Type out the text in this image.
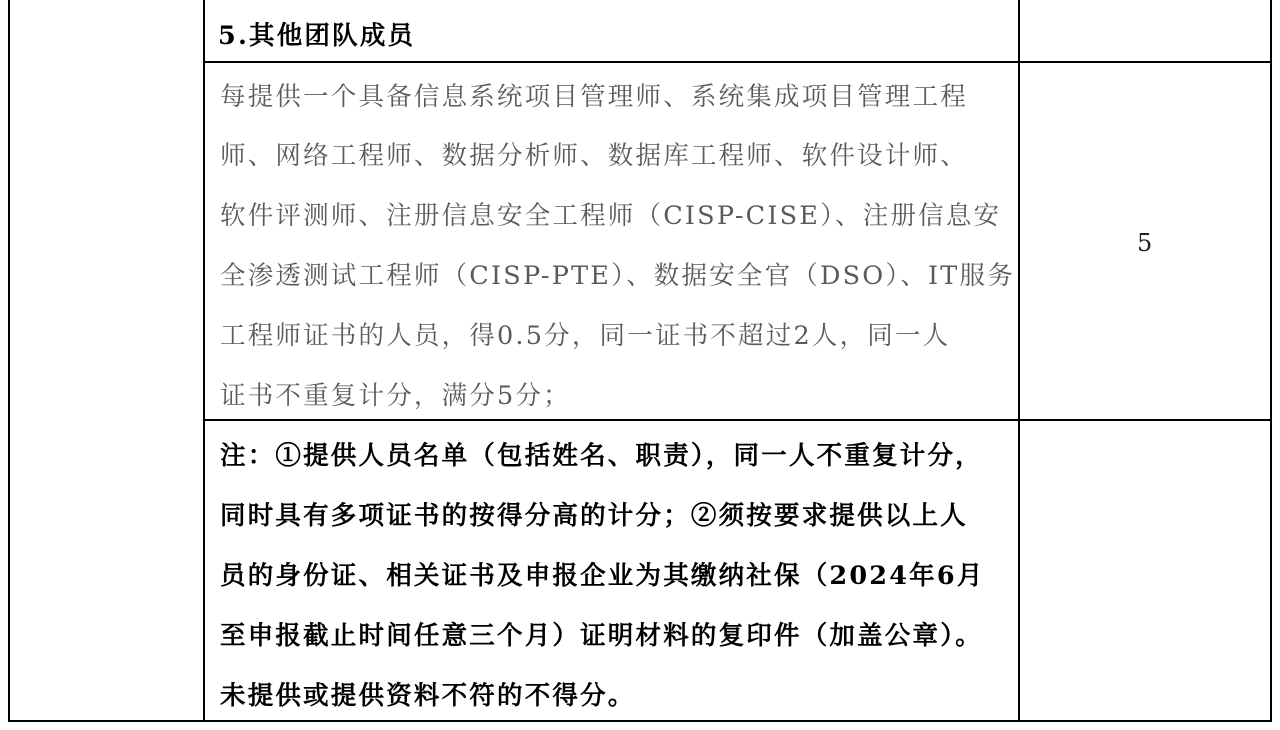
5.其他团队成员
每提供一个具备信息系统项目管理师、系统集成项目管理工程
师、网络工程师、数据分析师、数据库工程师、软件设计师、
软件评测师、注册信息安全工程师（CISP-CISE）、注册信息安
全渗透测试工程师（CISP-PTE）、数据安全官（DSO）、IT服务
工程师证书的人员，得0.5分，同一证书不超过2人，同一人
证书不重复计分，满分5分；
5
注：①提供人员名单（包括姓名、职责），同一人不重复计分，
同时具有多项证书的按得分高的计分；②须按要求提供以上人
员的身份证、相关证书及申报企业为其缴纳社保（2024年6月
至申报截止时间任意三个月）证明材料的复印件（加盖公章）。
未提供或提供资料不符的不得分。
